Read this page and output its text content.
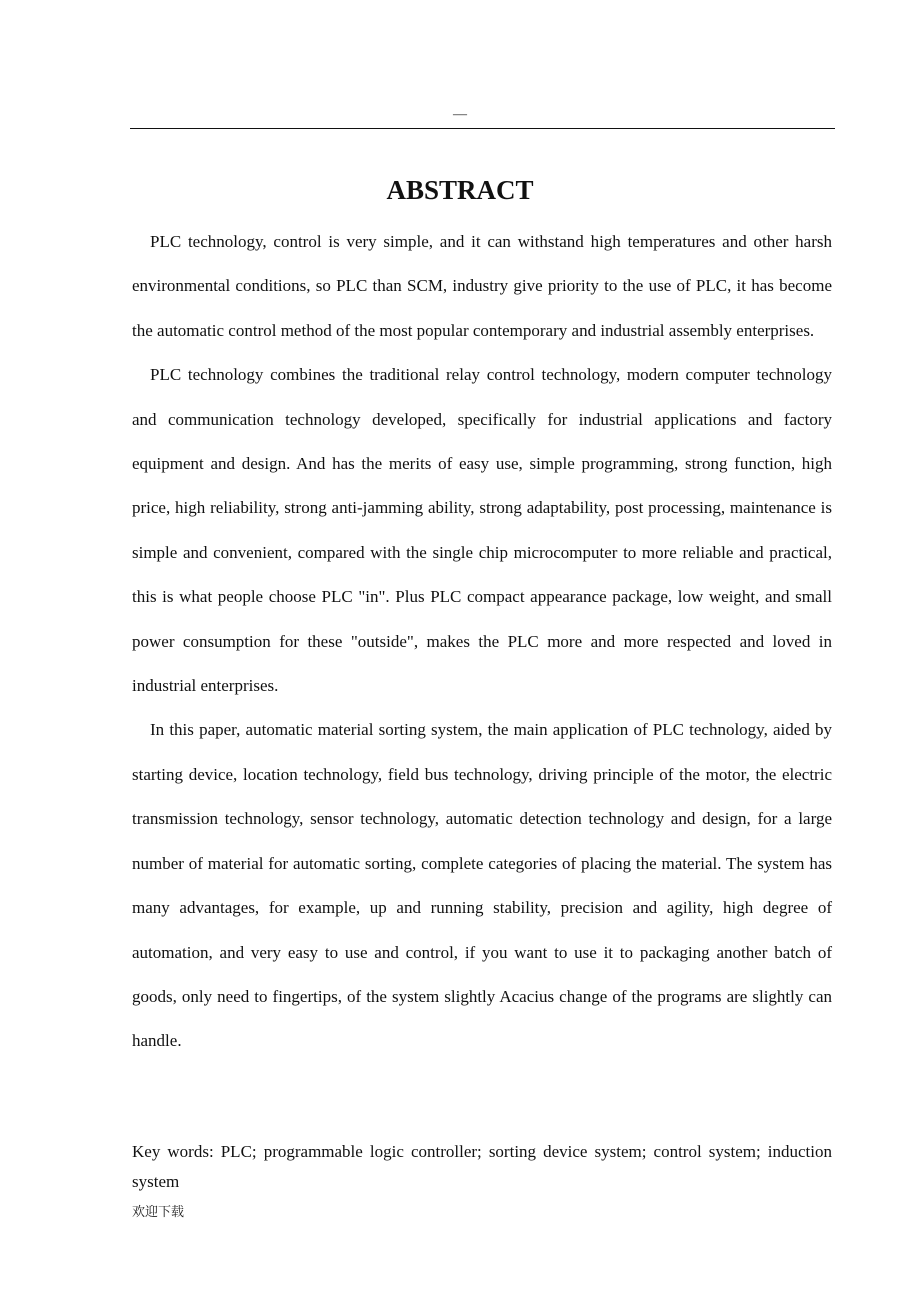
—
ABSTRACT

PLC technology, control is very simple, and it can withstand high temperatures and other harsh environmental conditions, so PLC than SCM, industry give priority to the use of PLC, it has become the automatic control method of the most popular contemporary and industrial assembly enterprises.

PLC technology combines the traditional relay control technology, modern computer technology and communication technology developed, specifically for industrial applications and factory equipment and design. And has the merits of easy use, simple programming, strong function, high price, high reliability, strong anti-jamming ability, strong adaptability, post processing, maintenance is simple and convenient, compared with the single chip microcomputer to more reliable and practical, this is what people choose PLC "in". Plus PLC compact appearance package, low weight, and small power consumption for these "outside", makes the PLC more and more respected and loved in industrial enterprises.

In this paper, automatic material sorting system, the main application of PLC technology, aided by starting device, location technology, field bus technology, driving principle of the motor, the electric transmission technology, sensor technology, automatic detection technology and design, for a large number of material for automatic sorting, complete categories of placing the material. The system has many advantages, for example, up and running stability, precision and agility, high degree of automation, and very easy to use and control, if you want to use it to packaging another batch of goods, only need to fingertips, of the system slightly Acacius change of the programs are slightly can handle.

Key words: PLC; programmable logic controller; sorting device system; control system; induction system

欢迎下载
